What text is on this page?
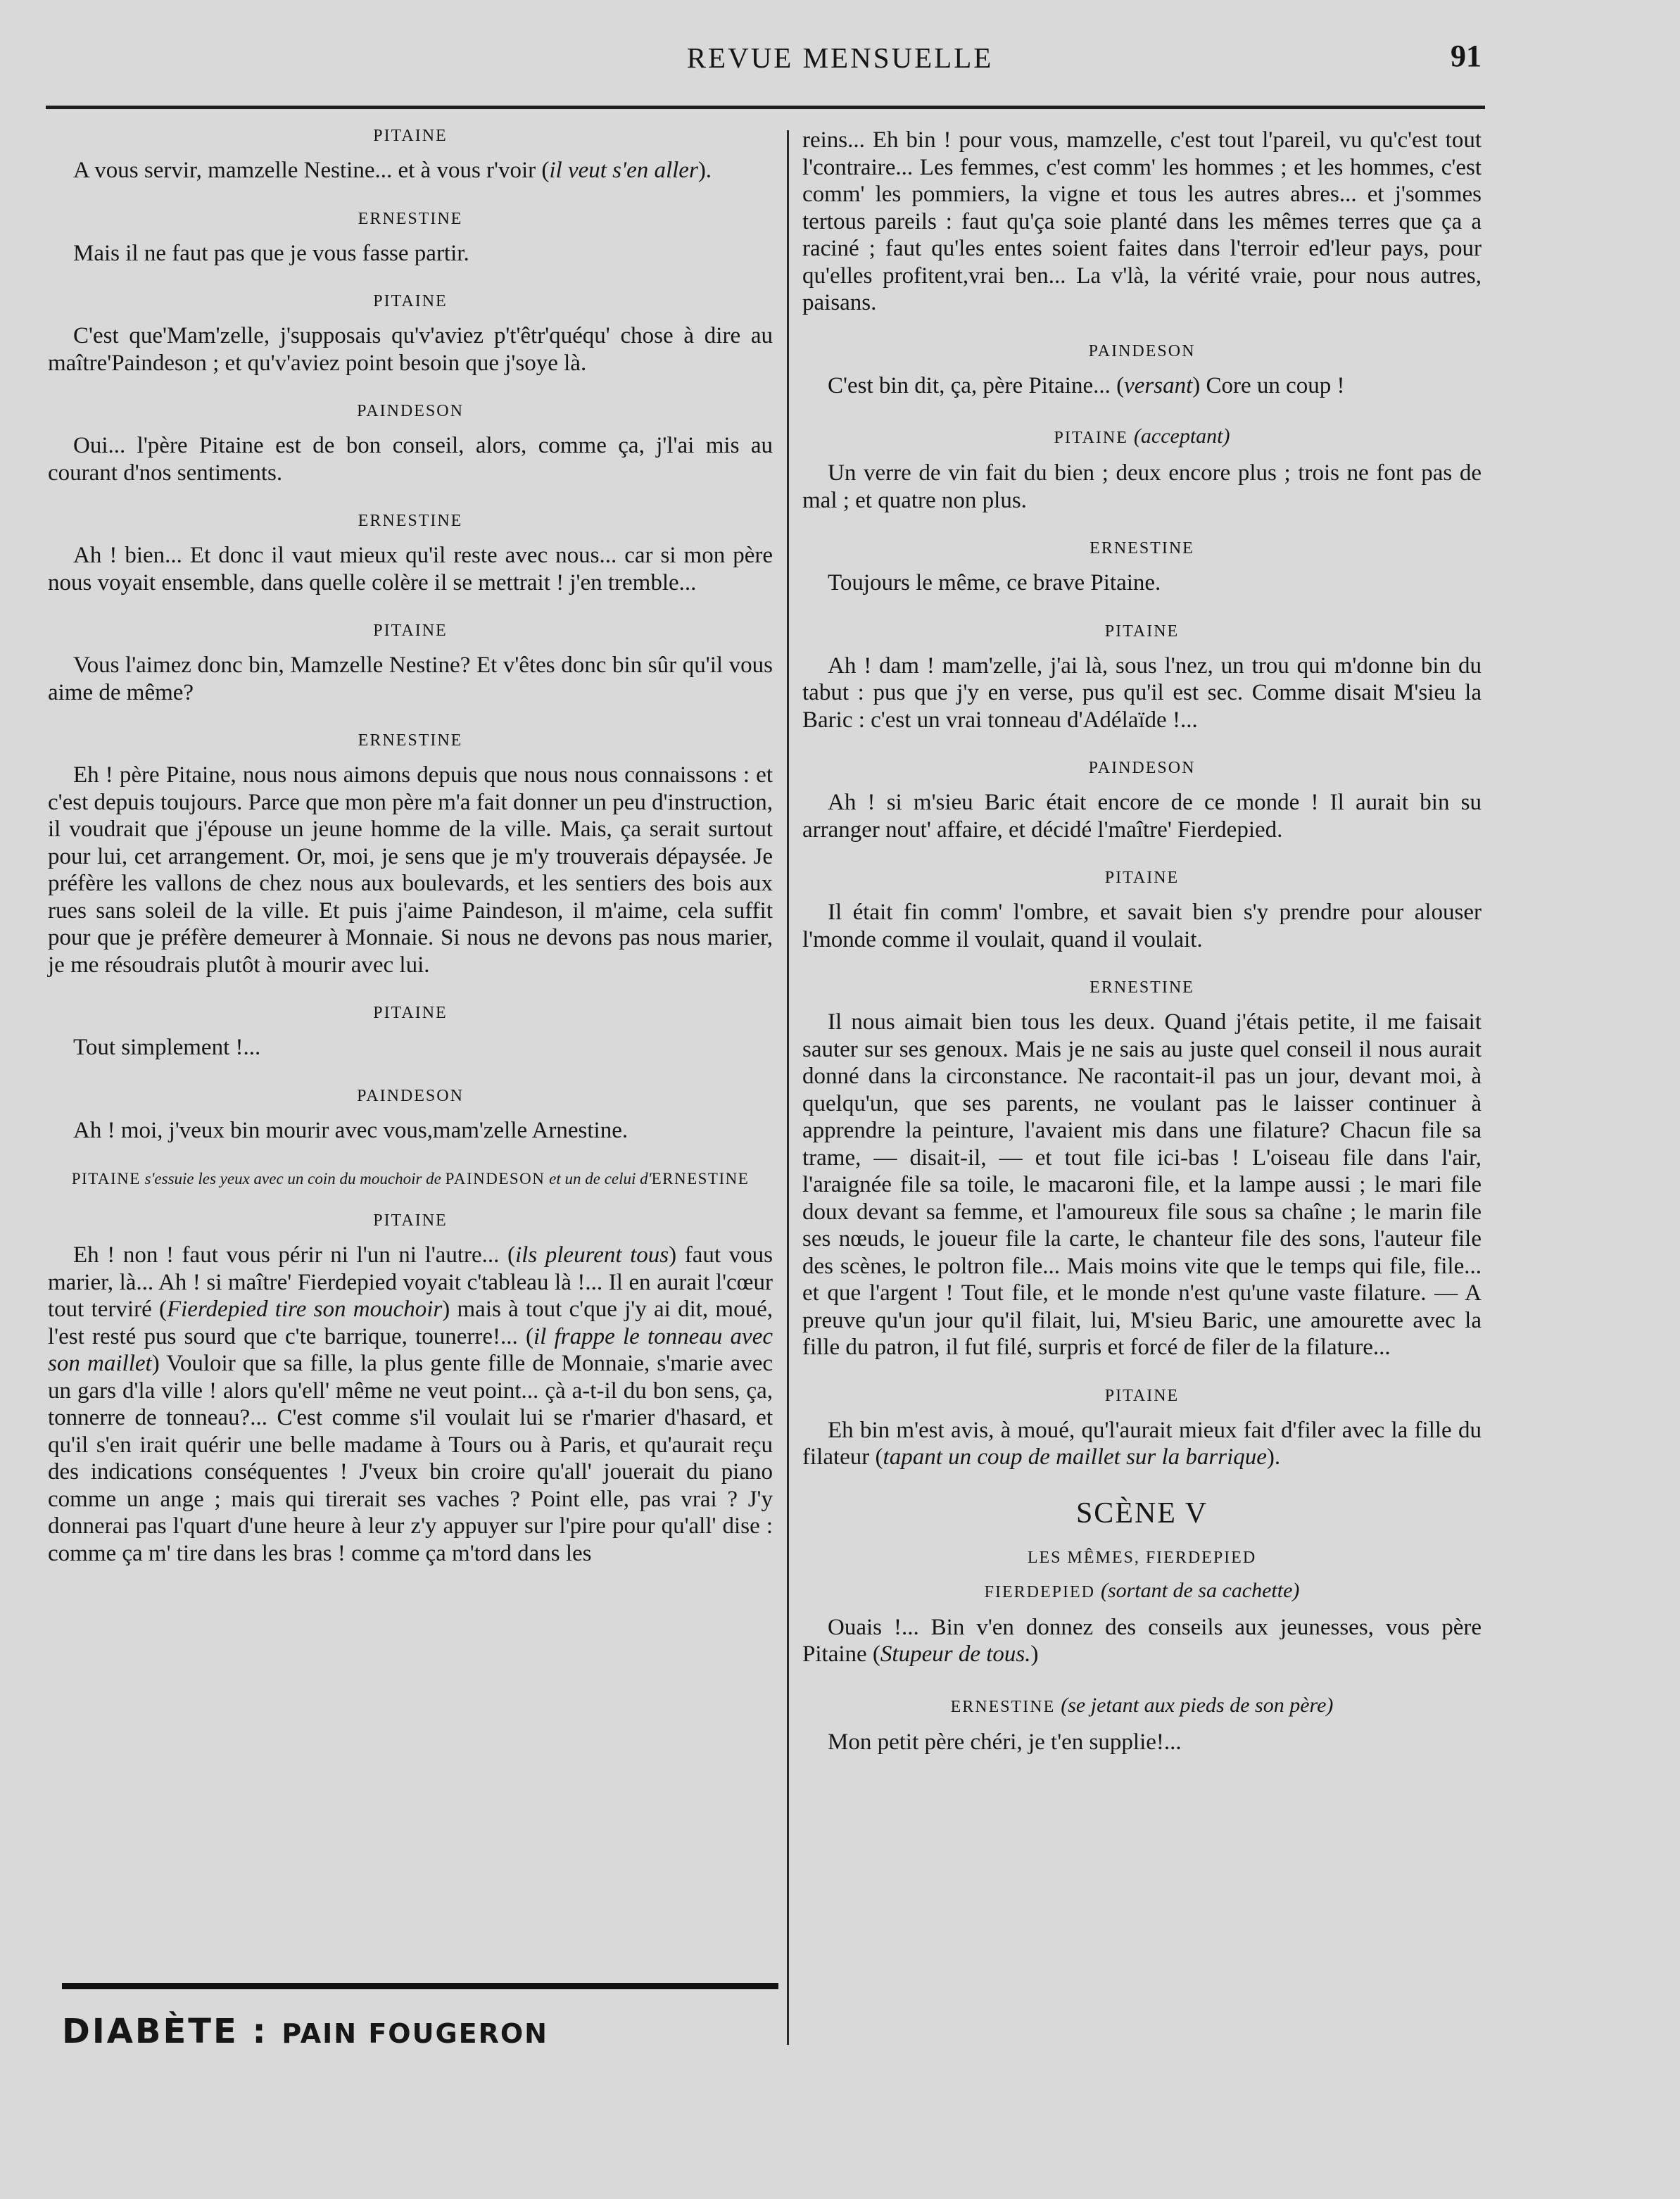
REVUE MENSUELLE	91
PITAINE

A vous servir, mamzelle Nestine... et à vous r'voir (il veut s'en aller).

ERNESTINE

Mais il ne faut pas que je vous fasse partir.

PITAINE

C'est que'Mam'zelle, j'supposais qu'v'aviez p't'êtr'quéqu' chose à dire au maître'Paindeson ; et qu'v'aviez point besoin que j'soye là.

PAINDESON

Oui... l'père Pitaine est de bon conseil, alors, comme ça, j'l'ai mis au courant d'nos sentiments.

ERNESTINE

Ah ! bien... Et donc il vaut mieux qu'il reste avec nous... car si mon père nous voyait ensemble, dans quelle colère il se mettrait ! j'en tremble...

PITAINE

Vous l'aimez donc bin, Mamzelle Nestine? Et v'êtes donc bin sûr qu'il vous aime de même?

ERNESTINE

Eh ! père Pitaine, nous nous aimons depuis que nous nous connaissons : et c'est depuis toujours. Parce que mon père m'a fait donner un peu d'instruction, il voudrait que j'épouse un jeune homme de la ville. Mais, ça serait surtout pour lui, cet arrangement. Or, moi, je sens que je m'y trouverais dépaysée. Je préfère les vallons de chez nous aux boulevards, et les sentiers des bois aux rues sans soleil de la ville. Et puis j'aime Paindeson, il m'aime, cela suffit pour que je préfère demeurer à Monnaie. Si nous ne devons pas nous marier, je me résoudrais plutôt à mourir avec lui.

PITAINE

Tout simplement !...

PAINDESON

Ah ! moi, j'veux bin mourir avec vous,mam'zelle Arnestine.

PITAINE s'essuie les yeux avec un coin du mouchoir de PAINDESON et un de celui d'ERNESTINE
PITAINE

Eh ! non ! faut vous périr ni l'un ni l'autre... (ils pleurent tous) faut vous marier, là... Ah ! si maître' Fierdepied voyait c'tableau là !... Il en aurait l'cœur tout terviré (Fierdepied tire son mouchoir) mais à tout c'que j'y ai dit, moué, l'est resté pus sourd que c'te barrique, tounerre!... (il frappe le tonneau avec son maillet) Vouloir que sa fille, la plus gente fille de Monnaie, s'marie avec un gars d'la ville ! alors qu'ell' même ne veut point... çà a-t-il du bon sens, ça, tonnerre de tonneau?... C'est comme s'il voulait lui se r'marier d'hasard, et qu'il s'en irait quérir une belle madame à Tours ou à Paris, et qu'aurait reçu des indications conséquentes ! J'veux bin croire qu'all' jouerait du piano comme un ange ; mais qui tirerait ses vaches ? Point elle, pas vrai ? J'y donnerai pas l'quart d'une heure à leur z'y appuyer sur l'pire pour qu'all' dise : comme ça m' tire dans les bras ! comme ça m'tord dans les

reins... Eh bin ! pour vous, mamzelle, c'est tout l'pareil, vu qu'c'est tout l'contraire... Les femmes, c'est comm' les hommes ; et les hommes, c'est comm' les pommiers, la vigne et tous les autres abres... et j'sommes tertous pareils : faut qu'ça soie planté dans les mêmes terres que ça a raciné ; faut qu'les entes soient faites dans l'terroir ed'leur pays, pour qu'elles profitent,vrai ben... La v'là, la vérité vraie, pour nous autres, paisans.

PAINDESON

C'est bin dit, ça, père Pitaine... (versant) Core un coup !

PITAINE (acceptant)

Un verre de vin fait du bien ; deux encore plus ; trois ne font pas de mal ; et quatre non plus.

ERNESTINE

Toujours le même, ce brave Pitaine.

PITAINE

Ah ! dam ! mam'zelle, j'ai là, sous l'nez, un trou qui m'donne bin du tabut : pus que j'y en verse, pus qu'il est sec. Comme disait M'sieu la Baric : c'est un vrai tonneau d'Adélaïde !...

PAINDESON

Ah ! si m'sieu Baric était encore de ce monde ! Il aurait bin su arranger nout' affaire, et décidé l'maître' Fierdepied.

PITAINE

Il était fin comm' l'ombre, et savait bien s'y prendre pour alouser l'monde comme il voulait, quand il voulait.

ERNESTINE

Il nous aimait bien tous les deux. Quand j'étais petite, il me faisait sauter sur ses genoux. Mais je ne sais au juste quel conseil il nous aurait donné dans la circonstance. Ne racontait-il pas un jour, devant moi, à quelqu'un, que ses parents, ne voulant pas le laisser continuer à apprendre la peinture, l'avaient mis dans une filature? Chacun file sa trame, — disait-il, — et tout file ici-bas ! L'oiseau file dans l'air, l'araignée file sa toile, le macaroni file, et la lampe aussi ; le mari file doux devant sa femme, et l'amoureux file sous sa chaîne ; le marin file ses nœuds, le joueur file la carte, le chanteur file des sons, l'auteur file des scènes, le poltron file... Mais moins vite que le temps qui file, file... et que l'argent ! Tout file, et le monde n'est qu'une vaste filature. — A preuve qu'un jour qu'il filait, lui, M'sieu Baric, une amourette avec la fille du patron, il fut filé, surpris et forcé de filer de la filature...

PITAINE

Eh bin m'est avis, à moué, qu'l'aurait mieux fait d'filer avec la fille du filateur (tapant un coup de maillet sur la barrique).

SCÈNE V
LES MÊMES, FIERDEPIED
FIERDEPIED (sortant de sa cachette)

Ouais !... Bin v'en donnez des conseils aux jeunesses, vous père Pitaine (Stupeur de tous.)

ERNESTINE (se jetant aux pieds de son père)

Mon petit père chéri, je t'en supplie!...

DIABÈTE : PAIN FOUGERON
